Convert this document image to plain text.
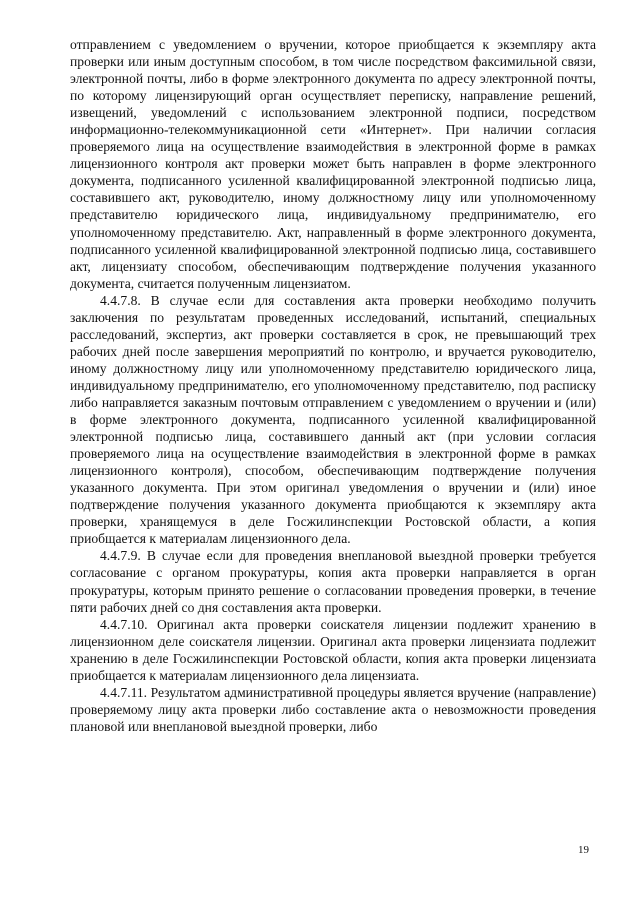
отправлением с уведомлением о вручении, которое приобщается к экземпляру акта проверки или иным доступным способом, в том числе посредством факсимильной связи, электронной почты, либо в форме электронного документа по адресу электронной почты, по которому лицензирующий орган осуществляет переписку, направление решений, извещений, уведомлений с использованием электронной подписи, посредством информационно-телекоммуникационной сети «Интернет». При наличии согласия проверяемого лица на осуществление взаимодействия в электронной форме в рамках лицензионного контроля акт проверки может быть направлен в форме электронного документа, подписанного усиленной квалифицированной электронной подписью лица, составившего акт, руководителю, иному должностному лицу или уполномоченному представителю юридического лица, индивидуальному предпринимателю, его уполномоченному представителю. Акт, направленный в форме электронного документа, подписанного усиленной квалифицированной электронной подписью лица, составившего акт, лицензиату способом, обеспечивающим подтверждение получения указанного документа, считается полученным лицензиатом.

4.4.7.8. В случае если для составления акта проверки необходимо получить заключения по результатам проведенных исследований, испытаний, специальных расследований, экспертиз, акт проверки составляется в срок, не превышающий трех рабочих дней после завершения мероприятий по контролю, и вручается руководителю, иному должностному лицу или уполномоченному представителю юридического лица, индивидуальному предпринимателю, его уполномоченному представителю, под расписку либо направляется заказным почтовым отправлением с уведомлением о вручении и (или) в форме электронного документа, подписанного усиленной квалифицированной электронной подписью лица, составившего данный акт (при условии согласия проверяемого лица на осуществление взаимодействия в электронной форме в рамках лицензионного контроля), способом, обеспечивающим подтверждение получения указанного документа. При этом оригинал уведомления о вручении и (или) иное подтверждение получения указанного документа приобщаются к экземпляру акта проверки, хранящемуся в деле Госжилинспекции Ростовской области, а копия приобщается к материалам лицензионного дела.

4.4.7.9. В случае если для проведения внеплановой выездной проверки требуется согласование с органом прокуратуры, копия акта проверки направляется в орган прокуратуры, которым принято решение о согласовании проведения проверки, в течение пяти рабочих дней со дня составления акта проверки.

4.4.7.10. Оригинал акта проверки соискателя лицензии подлежит хранению в лицензионном деле соискателя лицензии. Оригинал акта проверки лицензиата подлежит хранению в деле Госжилинспекции Ростовской области, копия акта проверки лицензиата приобщается к материалам лицензионного дела лицензиата.

4.4.7.11. Результатом административной процедуры является вручение (направление) проверяемому лицу акта проверки либо составление акта о невозможности проведения плановой или внеплановой выездной проверки, либо

19
